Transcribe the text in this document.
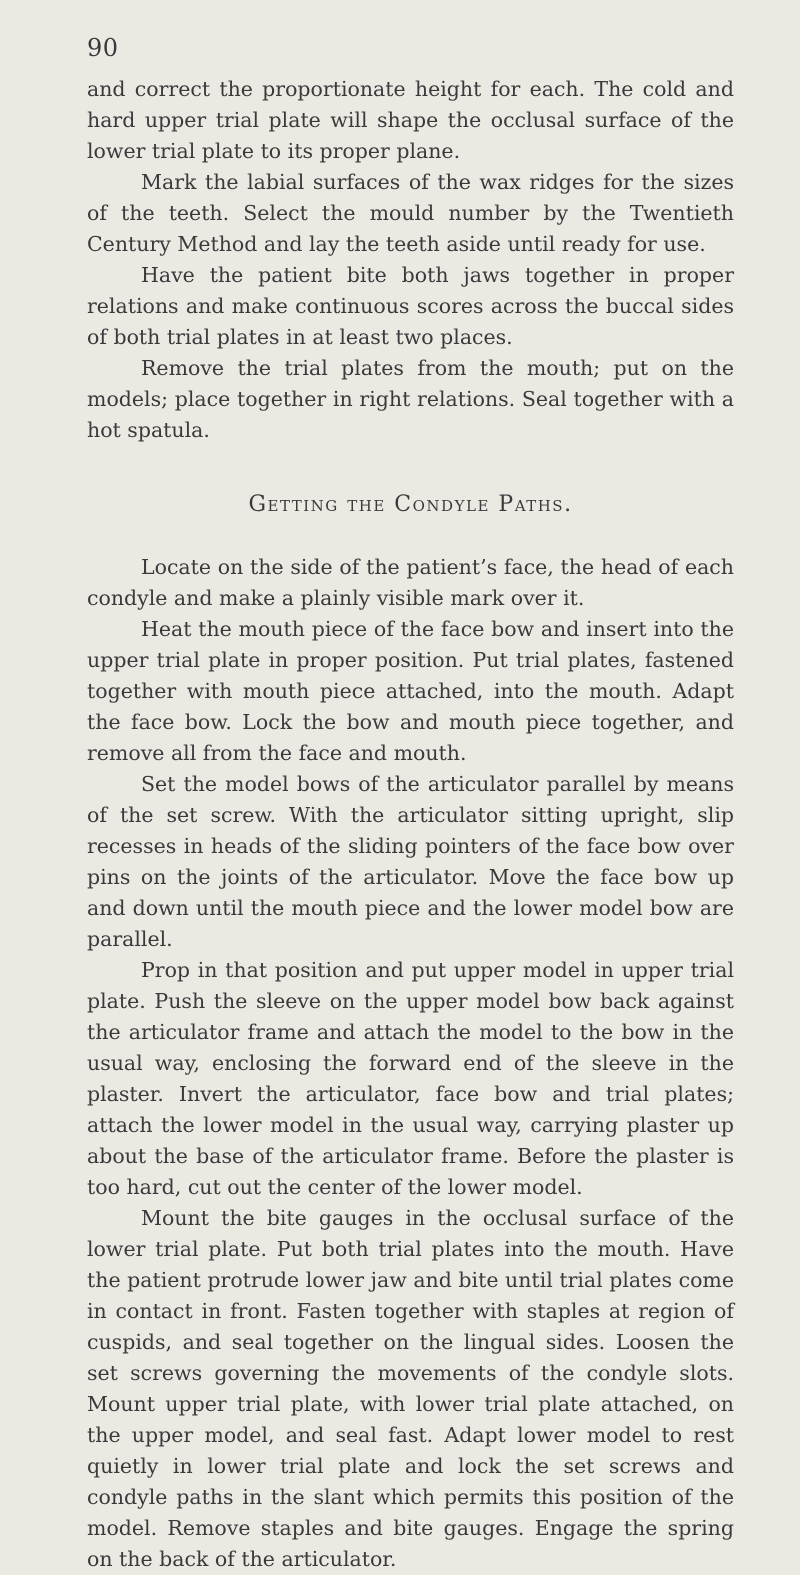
90

and correct the proportionate height for each. The cold and hard upper trial plate will shape the occlusal surface of the lower trial plate to its proper plane.

Mark the labial surfaces of the wax ridges for the sizes of the teeth. Select the mould number by the Twentieth Century Method and lay the teeth aside until ready for use.

Have the patient bite both jaws together in proper relations and make continuous scores across the buccal sides of both trial plates in at least two places.

Remove the trial plates from the mouth; put on the models; place together in right relations. Seal together with a hot spatula.

Getting the Condyle Paths.

Locate on the side of the patient’s face, the head of each condyle and make a plainly visible mark over it.

Heat the mouth piece of the face bow and insert into the upper trial plate in proper position. Put trial plates, fastened together with mouth piece attached, into the mouth. Adapt the face bow. Lock the bow and mouth piece together, and remove all from the face and mouth.

Set the model bows of the articulator parallel by means of the set screw. With the articulator sitting upright, slip recesses in heads of the sliding pointers of the face bow over pins on the joints of the articulator. Move the face bow up and down until the mouth piece and the lower model bow are parallel.

Prop in that position and put upper model in upper trial plate. Push the sleeve on the upper model bow back against the articulator frame and attach the model to the bow in the usual way, enclosing the forward end of the sleeve in the plaster. Invert the articulator, face bow and trial plates; attach the lower model in the usual way, carrying plaster up about the base of the articulator frame. Before the plaster is too hard, cut out the center of the lower model.

Mount the bite gauges in the occlusal surface of the lower trial plate. Put both trial plates into the mouth. Have the patient protrude lower jaw and bite until trial plates come in contact in front. Fasten together with staples at region of cuspids, and seal together on the lingual sides. Loosen the set screws governing the movements of the condyle slots. Mount upper trial plate, with lower trial plate attached, on the upper model, and seal fast. Adapt lower model to rest quietly in lower trial plate and lock the set screws and condyle paths in the slant which permits this position of the model. Remove staples and bite gauges. Engage the spring on the back of the articulator.
